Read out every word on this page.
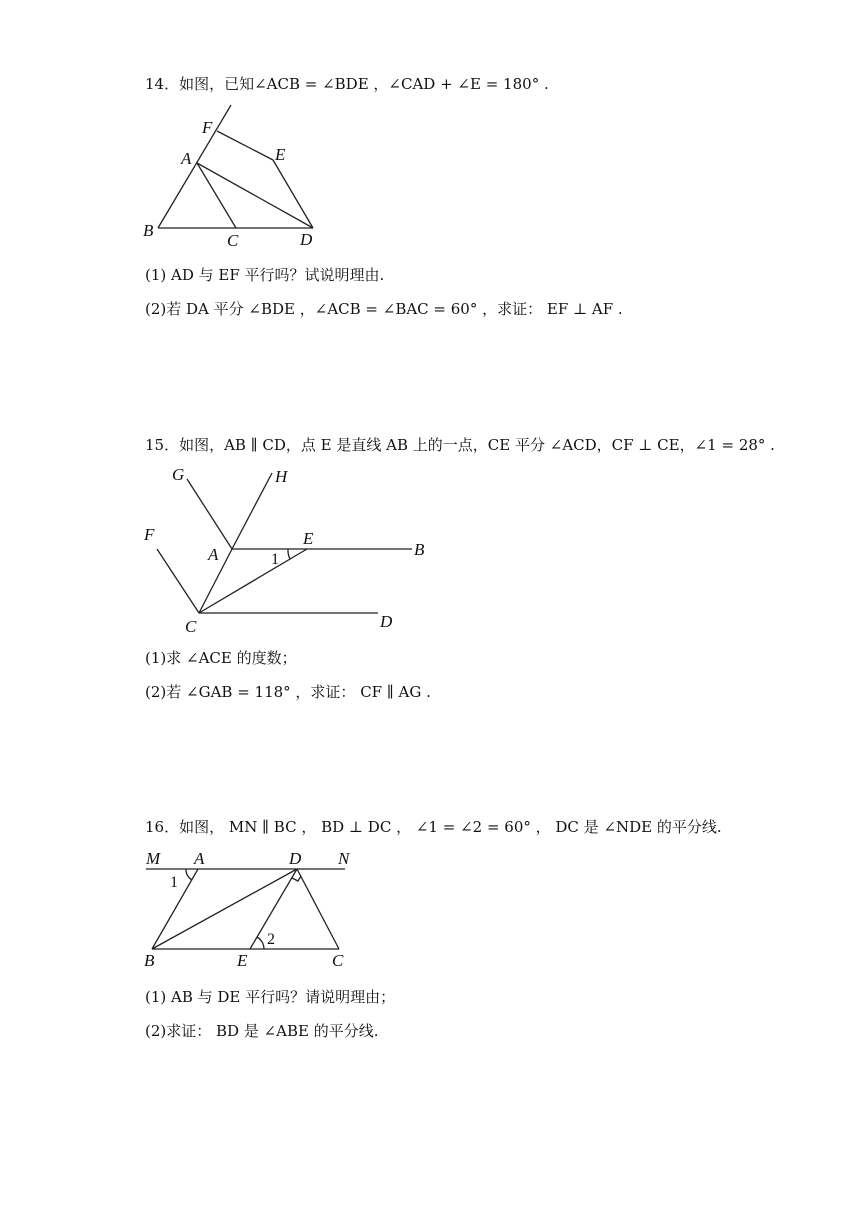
14．如图，已知∠ACB = ∠BDE ，∠CAD + ∠E = 180° .
F
A	E
B
C	D
(1) AD 与 EF 平行吗？试说明理由.
(2)若 DA 平分 ∠BDE ，∠ACB = ∠BAC = 60° ，求证： EF ⊥ AF .
15．如图，AB ∥ CD，点 E 是直线 AB 上的一点，CE 平分 ∠ACD，CF ⊥ CE，∠1 = 28° .
G	H
F
A
E
B
1
C	D
(1)求 ∠ACE 的度数；
(2)若 ∠GAB = 118° ，求证： CF ∥ AG .
16．如图， MN ∥ BC ， BD ⊥ DC ， ∠1 = ∠2 = 60° ， DC 是 ∠NDE 的平分线.
M A	D N
1
2
B	E	C
(1) AB 与 DE 平行吗？请说明理由；
(2)求证： BD 是 ∠ABE 的平分线.
